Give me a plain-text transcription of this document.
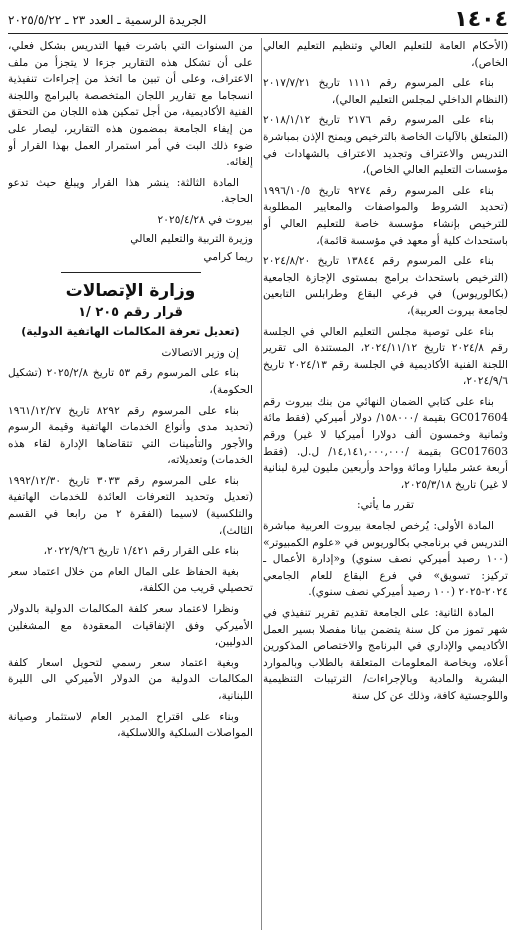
١٤٠٤
الجريدة الرسمية ـ العدد ٢٣ ـ ٢٠٢٥/٥/٢٢
(الأحكام العامة للتعليم العالي وتنظيم التعليم العالي الخاص)،
بناء على المرسوم رقم ١١١١ تاريخ ٢٠١٧/٧/٢١ (النظام الداخلي لمجلس التعليم العالي)،
بناء على المرسوم رقم ٢١٧٦ تاريخ ٢٠١٨/١/١٢ (المتعلق بالآليات الخاصة بالترخيص ويمنح الإذن بمباشرة التدريس والاعتراف وتجديد الاعتراف بالشهادات في مؤسسات التعليم العالي الخاص)،
بناء على المرسوم رقم ٩٢٧٤ تاريخ ١٩٩٦/١٠/٥ (تحديد الشروط والمواصفات والمعايير المطلوبة للترخيص بإنشاء مؤسسة خاصة للتعليم العالي أو باستحداث كلية أو معهد في مؤسسة قائمة)،
بناء على المرسوم رقم ١٣٨٤٤ تاريخ ٢٠٢٤/٨/٢٠ (الترخيص باستحداث برامج بمستوى الإجازة الجامعية (بكالوريوس) في فرعي البقاع وطرابلس التابعين لجامعة بيروت العربية)،
بناء على توصية مجلس التعليم العالي في الجلسة رقم ٢٠٢٤/٨ تاريخ ٢٠٢٤/١١/١٢، المستندة الى تقرير اللجنة الفنية الأكاديمية في الجلسة رقم ٢٠٢٤/١٣ تاريخ ٢٠٢٤/٩/٦،
بناء على كتابي الضمان النهائي من بنك بيروت رقم GC017604 بقيمة /١٥٨٠٠٠/ دولار أميركي (فقط مائة وثمانية وخمسون ألف دولارا أميركيا لا غير) ورقم GC017603 بقيمة /١٤,١٤١,٠٠٠,٠٠٠/ ل.ل. (فقط أربعة عشر مليارا ومائة وواحد وأربعين مليون ليرة لبنانية لا غير) تاريخ ٢٠٢٥/٣/١٨،
تقرر ما يأتي:
المادة الأولى: يُرخص لجامعة بيروت العربية مباشرة التدريس في برنامجي بكالوريوس في «علوم الكمبيوتر» (١٠٠ رصيد أميركي نصف سنوي) و«إدارة الأعمال ـ تركيز: تسويق» في فرع البقاع للعام الجامعي ٢٠٢٤-٢٠٢٥ (١٠٠ رصيد أميركي نصف سنوي).
المادة الثانية: على الجامعة تقديم تقرير تنفيذي في شهر تموز من كل سنة يتضمن بيانا مفصلا بسير العمل الأكاديمي والإداري في البرنامج والاختصاص المذكورين أعلاه، وبخاصة المعلومات المتعلقة بالطلاب وبالموارد البشرية والمادية وبالإجراءات/ الترتيبات التنظيمية واللوجستية كافة، وذلك عن كل سنة
من السنوات التي باشرت فيها التدريس بشكل فعلي، على أن تشكل هذه التقارير جزءا لا يتجزأ من ملف الاعتراف، وعلى أن تبين ما اتخذ من إجراءات تنفيذية انسجاما مع تقارير اللجان المتخصصة بالبرامج واللجنة الفنية الأكاديمية، من أجل تمكين هذه اللجان من التحقق من إيفاء الجامعة بمضمون هذه التقارير، ليصار على ضوء ذلك البت في أمر استمرار العمل بهذا القرار أو إلغائه.
المادة الثالثة: ينشر هذا القرار ويبلغ حيث تدعو الحاجة.
بيروت في ٢٠٢٥/٤/٢٨
وزيرة التربية والتعليم العالي
ريما كرامي
وزارة الإتصالات
قرار رقم ٢٠٥ /١
(تعديل تعرفة المكالمات الهاتفية الدولية)
إن وزير الاتصالات
بناء على المرسوم رقم ٥٣ تاريخ ٢٠٢٥/٢/٨ (تشكيل الحكومة)،
بناء على المرسوم رقم ٨٢٩٢ تاريخ ١٩٦١/١٢/٢٧ (تحديد مدى وأنواع الخدمات الهاتفية وقيمة الرسوم والأجور والتأمينات التي تتقاضاها الإدارة لقاء هذه الخدمات) وتعديلاته،
بناء على المرسوم رقم ٣٠٣٣ تاريخ ١٩٩٢/١٢/٣٠ (تعديل وتحديد التعرفات العائدة للخدمات الهاتفية والتلكسية) لاسيما (الفقرة ٢ من رابعا في القسم الثالث)،
بناء على القرار رقم ١/٤٢١ تاريخ ٢٠٢٢/٩/٢٦،
بغية الحفاظ على المال العام من خلال اعتماد سعر تحصيلي قريب من الكلفة،
ونظرا لاعتماد سعر كلفة المكالمات الدولية بالدولار الأميركي وفق الإتفاقيات المعقودة مع المشغلين الدوليين،
وبغية اعتماد سعر رسمي لتحويل اسعار كلفة المكالمات الدولية من الدولار الأميركي الى الليرة اللبنانية،
وبناء على اقتراح المدير العام لاستثمار وصيانة المواصلات السلكية واللاسلكية،
